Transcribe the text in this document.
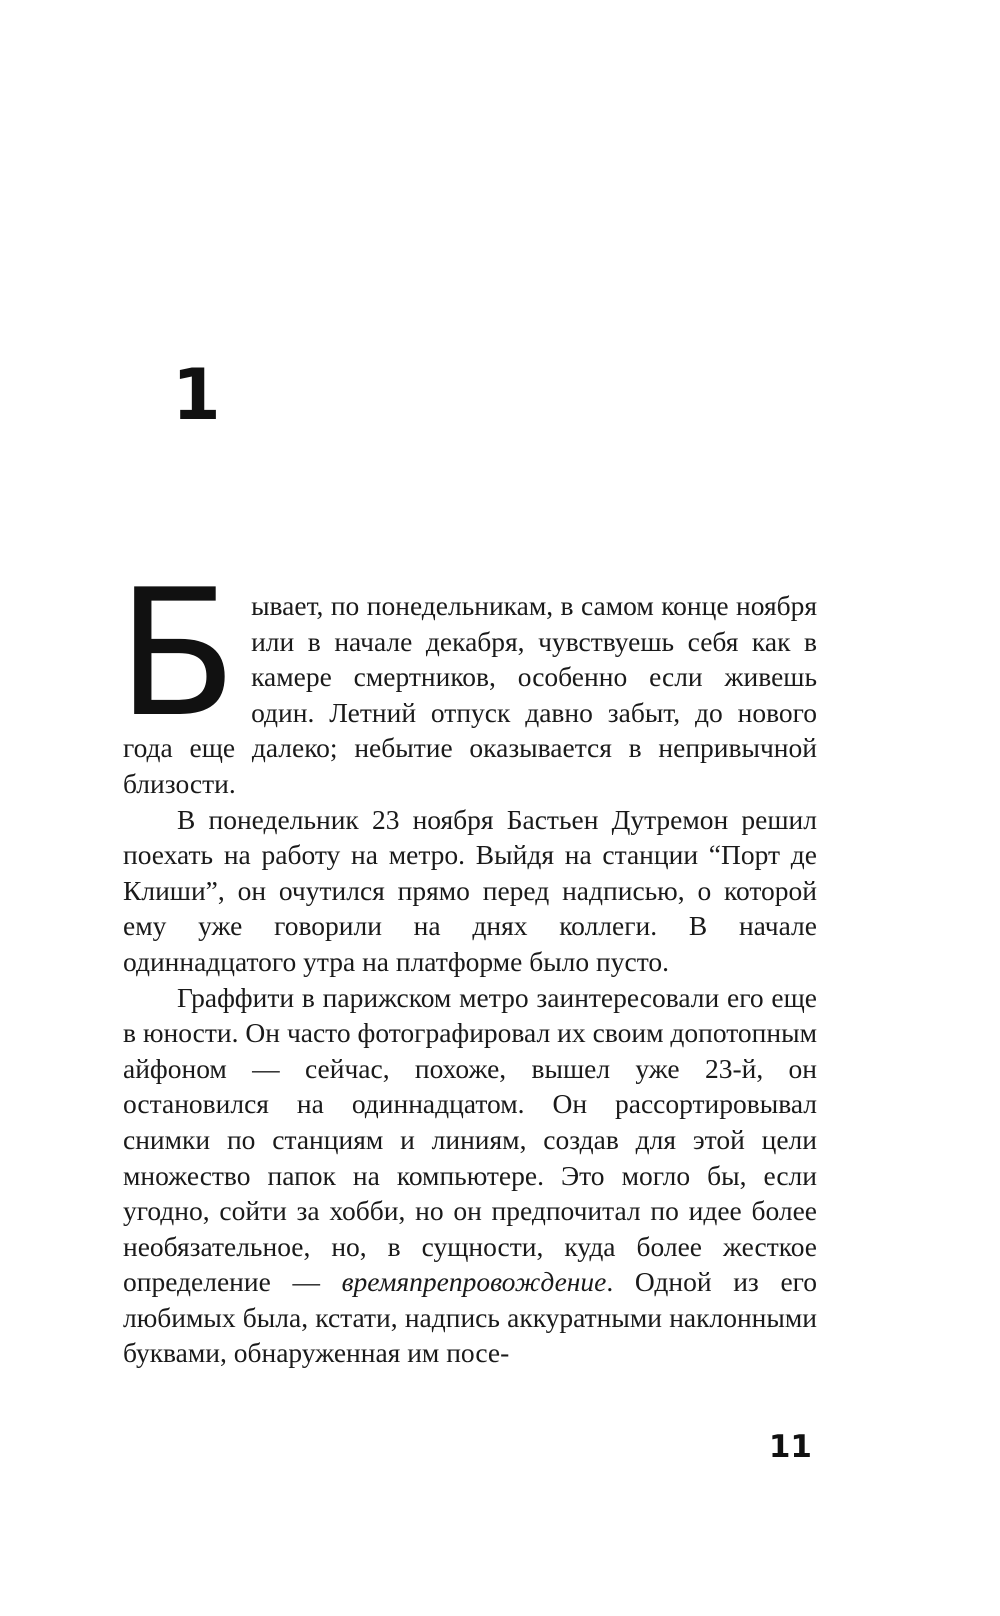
1

Бывает, по понедельникам, в самом конце ноября или в начале декабря, чувствуешь себя как в камере смертников, особенно если живешь один. Летний отпуск давно забыт, до нового года еще далеко; небытие оказывается в непривычной близости.

В понедельник 23 ноября Бастьен Дутремон решил поехать на работу на метро. Выйдя на станции “Порт де Клиши”, он очутился прямо перед надписью, о которой ему уже говорили на днях коллеги. В начале одиннадцатого утра на платформе было пусто.

Граффити в парижском метро заинтересовали его еще в юности. Он часто фотографировал их своим допотопным айфоном — сейчас, похоже, вышел уже 23-й, он остановился на одиннадцатом. Он рассортировывал снимки по станциям и линиям, создав для этой цели множество папок на компьютере. Это могло бы, если угодно, сойти за хобби, но он предпочитал по идее более необязательное, но, в сущности, куда более жесткое определение — времяпрепровождение. Одной из его любимых была, кстати, надпись аккуратными наклонными буквами, обнаруженная им посе-

11
